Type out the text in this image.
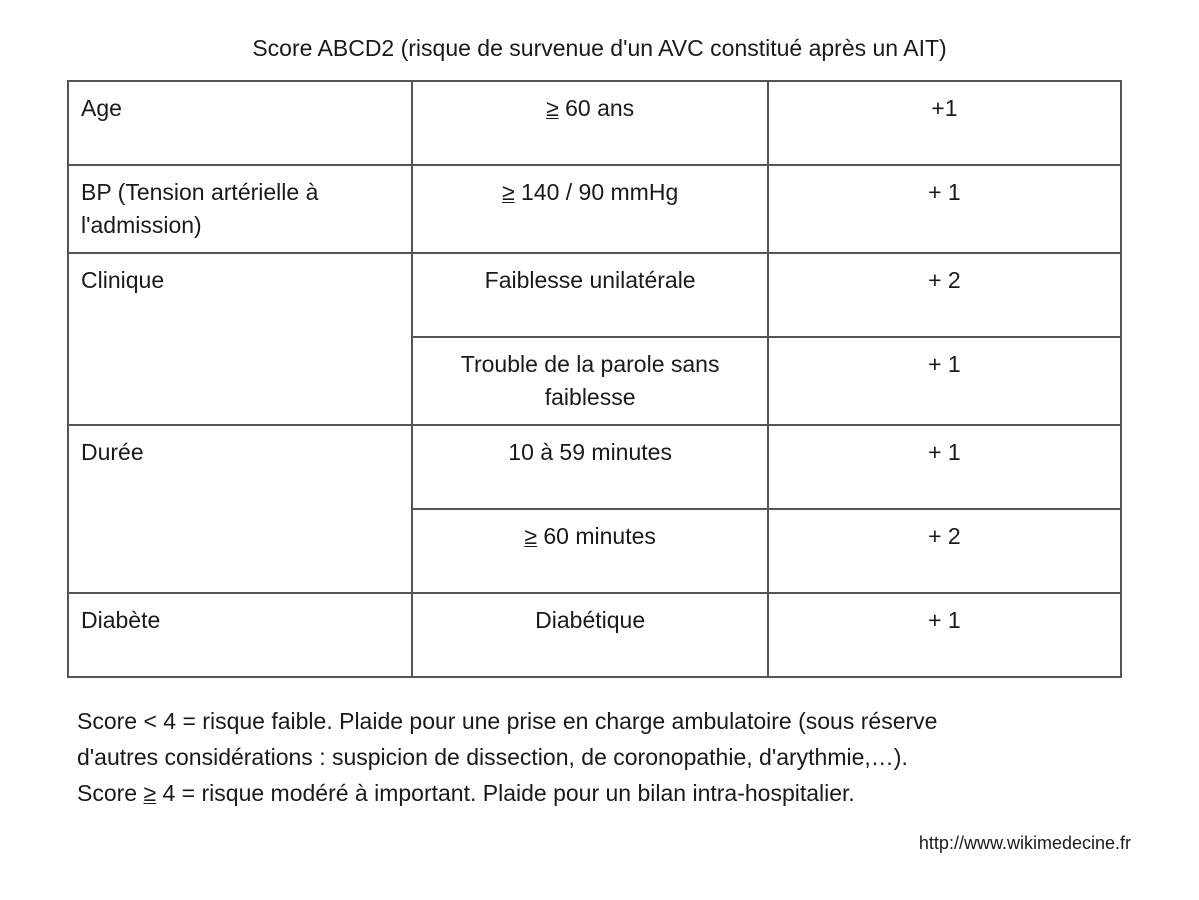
Score ABCD2 (risque de survenue d'un AVC constitué après un AIT)
Age	≥ 60 ans	+1
BP (Tension artérielle à l'admission)	≥ 140 / 90 mmHg	+ 1
Clinique	Faiblesse unilatérale	+ 2
	Trouble de la parole sans faiblesse	+ 1
Durée	10 à 59 minutes	+ 1
	≥ 60 minutes	+ 2
Diabète	Diabétique	+ 1
Score < 4 = risque faible. Plaide pour une prise en charge ambulatoire (sous réserve
d'autres considérations : suspicion de dissection, de coronopathie, d'arythmie,…).
Score ≥ 4 = risque modéré à important. Plaide pour un bilan intra-hospitalier.
http://www.wikimedecine.fr
